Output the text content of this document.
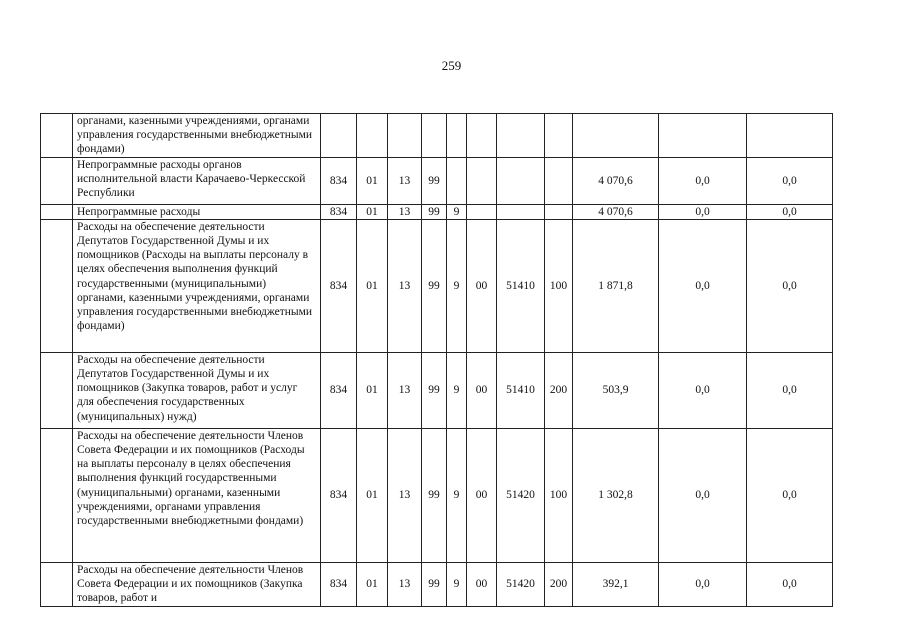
259
	органами, казенными учреждениями, органами управления государственными внебюджетными фондами)											
	Непрограммные расходы органов исполнительной власти Карачаево-Черкесской Республики	834	01	13	99					4 070,6	0,0	0,0
	Непрограммные расходы	834	01	13	99	9				4 070,6	0,0	0,0
	Расходы на обеспечение деятельности Депутатов Государственной Думы и их помощников (Расходы на выплаты персоналу в целях обеспечения выполнения функций государственными (муниципальными) органами, казенными учреждениями, органами управления государственными внебюджетными фондами)	834	01	13	99	9	00	51410	100	1 871,8	0,0	0,0
	Расходы на обеспечение деятельности Депутатов Государственной Думы и их помощников (Закупка товаров, работ и услуг для обеспечения государственных (муниципальных) нужд)	834	01	13	99	9	00	51410	200	503,9	0,0	0,0
	Расходы на обеспечение деятельности Членов Совета Федерации и их помощников (Расходы на выплаты персоналу в целях обеспечения выполнения функций государственными (муниципальными) органами, казенными учреждениями, органами управления государственными внебюджетными фондами)	834	01	13	99	9	00	51420	100	1 302,8	0,0	0,0
	Расходы на обеспечение деятельности Членов Совета Федерации и их помощников (Закупка товаров, работ и	834	01	13	99	9	00	51420	200	392,1	0,0	0,0
